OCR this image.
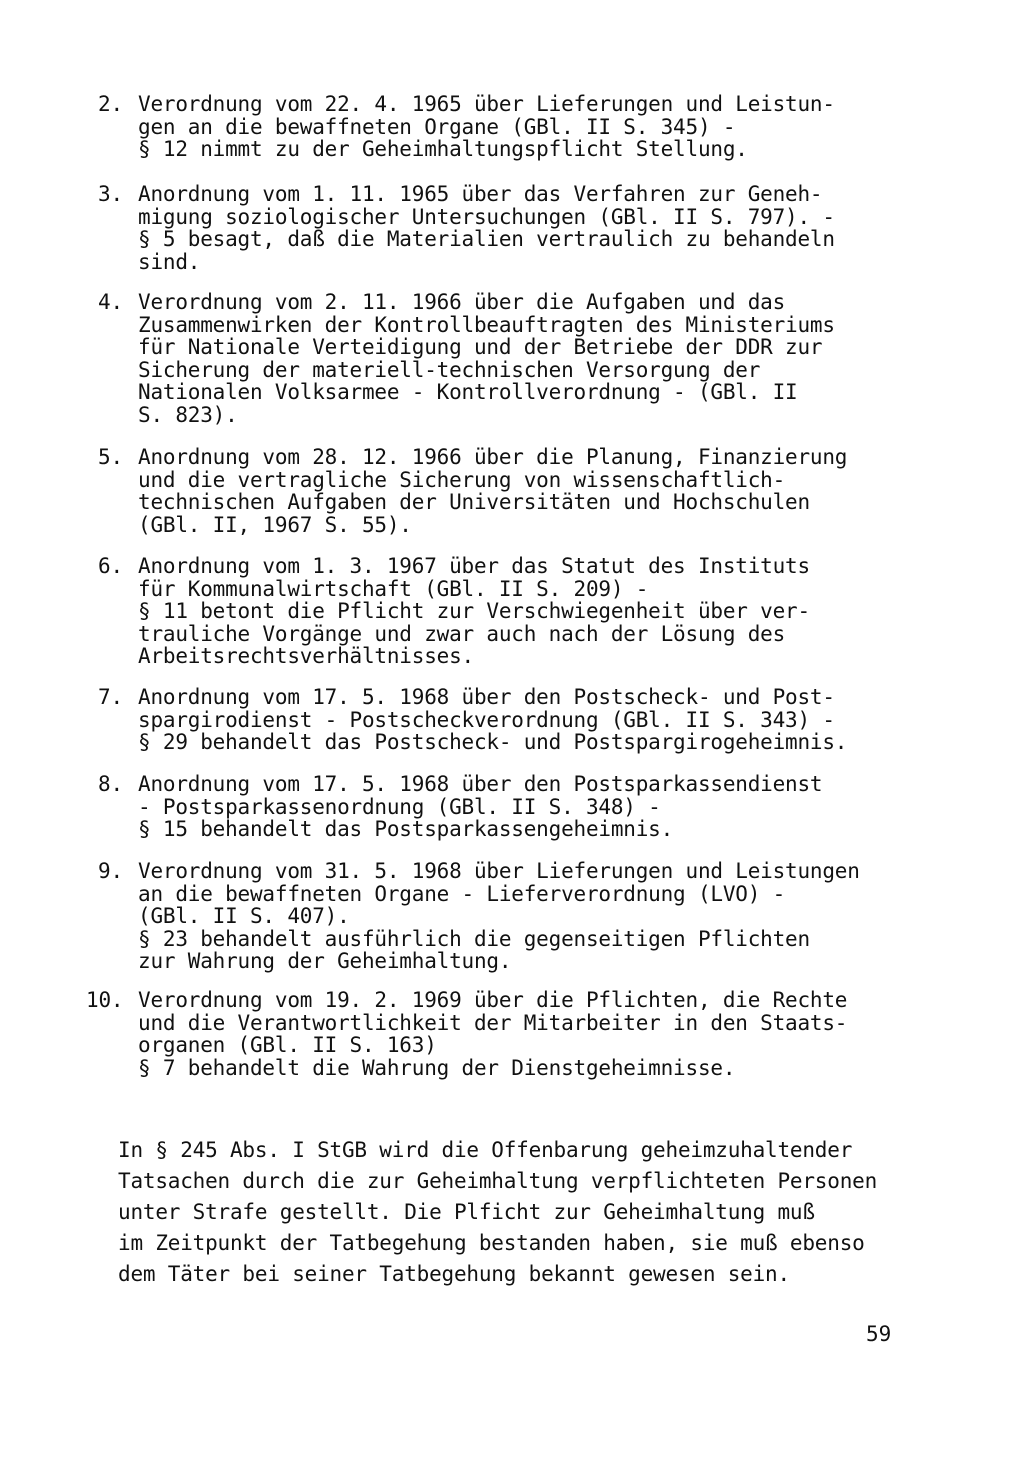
2. Verordnung vom 22. 4. 1965 über Lieferungen und Leistun-
gen an die bewaffneten Organe (GBl. II S. 345) -
§ 12 nimmt zu der Geheimhaltungspflicht Stellung.
3. Anordnung vom 1. 11. 1965 über das Verfahren zur Geneh-
migung soziologischer Untersuchungen (GBl. II S. 797). -
§ 5 besagt, daß die Materialien vertraulich zu behandeln
sind.
4. Verordnung vom 2. 11. 1966 über die Aufgaben und das
Zusammenwirken der Kontrollbeauftragten des Ministeriums
für Nationale Verteidigung und der Betriebe der DDR zur
Sicherung der materiell-technischen Versorgung der
Nationalen Volksarmee - Kontrollverordnung - (GBl. II
S. 823).
5. Anordnung vom 28. 12. 1966 über die Planung, Finanzierung
und die vertragliche Sicherung von wissenschaftlich-
technischen Aufgaben der Universitäten und Hochschulen
(GBl. II, 1967 S. 55).
6. Anordnung vom 1. 3. 1967 über das Statut des Instituts
für Kommunalwirtschaft (GBl. II S. 209) -
§ 11 betont die Pflicht zur Verschwiegenheit über ver-
trauliche Vorgänge und zwar auch nach der Lösung des
Arbeitsrechtsverhältnisses.
7. Anordnung vom 17. 5. 1968 über den Postscheck- und Post-
spargirodienst - Postscheckverordnung (GBl. II S. 343) -
§ 29 behandelt das Postscheck- und Postspargirogeheimnis.
8. Anordnung vom 17. 5. 1968 über den Postsparkassendienst
- Postsparkassenordnung (GBl. II S. 348) -
§ 15 behandelt das Postsparkassengeheimnis.
9. Verordnung vom 31. 5. 1968 über Lieferungen und Leistungen
an die bewaffneten Organe - Lieferverordnung (LVO) -
(GBl. II S. 407).
§ 23 behandelt ausführlich die gegenseitigen Pflichten
zur Wahrung der Geheimhaltung.
10. Verordnung vom 19. 2. 1969 über die Pflichten, die Rechte
und die Verantwortlichkeit der Mitarbeiter in den Staats-
organen (GBl. II S. 163)
§ 7 behandelt die Wahrung der Dienstgeheimnisse.
In § 245 Abs. I StGB wird die Offenbarung geheimzuhaltender
Tatsachen durch die zur Geheimhaltung verpflichteten Personen
unter Strafe gestellt. Die Plficht zur Geheimhaltung muß
im Zeitpunkt der Tatbegehung bestanden haben, sie muß ebenso
dem Täter bei seiner Tatbegehung bekannt gewesen sein.
59
